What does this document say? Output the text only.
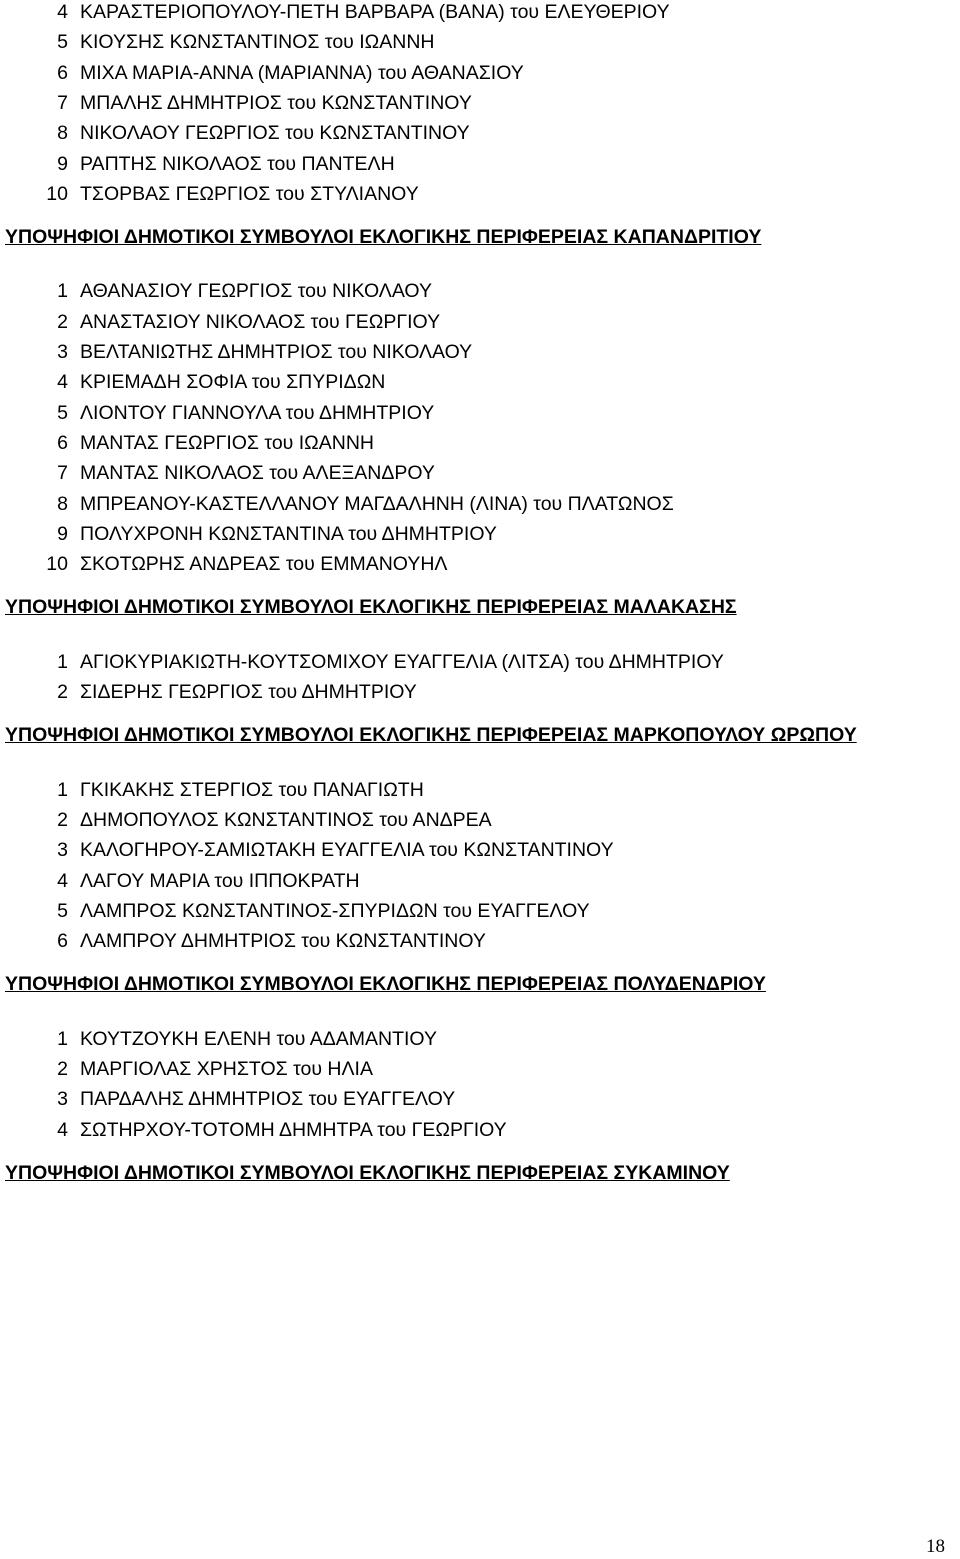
4 ΚΑΡΑΣΤΕΡΙΟΠΟΥΛΟΥ-ΠΕΤΗ ΒΑΡΒΑΡΑ (ΒΑΝΑ) του ΕΛΕΥΘΕΡΙΟΥ
5 ΚΙΟΥΣΗΣ ΚΩΝΣΤΑΝΤΙΝΟΣ του ΙΩΑΝΝΗ
6 ΜΙΧΑ ΜΑΡΙΑ-ΑΝΝΑ (ΜΑΡΙΑΝΝΑ) του ΑΘΑΝΑΣΙΟΥ
7 ΜΠΑΛΗΣ ΔΗΜΗΤΡΙΟΣ του ΚΩΝΣΤΑΝΤΙΝΟΥ
8 ΝΙΚΟΛΑΟΥ ΓΕΩΡΓΙΟΣ του ΚΩΝΣΤΑΝΤΙΝΟΥ
9 ΡΑΠΤΗΣ ΝΙΚΟΛΑΟΣ του ΠΑΝΤΕΛΗ
10 ΤΣΟΡΒΑΣ ΓΕΩΡΓΙΟΣ του ΣΤΥΛΙΑΝΟΥ
ΥΠΟΨΗΦΙΟΙ ΔΗΜΟΤΙΚΟΙ ΣΥΜΒΟΥΛΟΙ ΕΚΛΟΓΙΚΗΣ ΠΕΡΙΦΕΡΕΙΑΣ ΚΑΠΑΝΔΡΙΤΙΟΥ
1 ΑΘΑΝΑΣΙΟΥ ΓΕΩΡΓΙΟΣ του ΝΙΚΟΛΑΟΥ
2 ΑΝΑΣΤΑΣΙΟΥ ΝΙΚΟΛΑΟΣ του ΓΕΩΡΓΙΟΥ
3 ΒΕΛΤΑΝΙΩΤΗΣ ΔΗΜΗΤΡΙΟΣ του ΝΙΚΟΛΑΟΥ
4 ΚΡΙΕΜΑΔΗ ΣΟΦΙΑ του ΣΠΥΡΙΔΩΝ
5 ΛΙΟΝΤΟΥ ΓΙΑΝΝΟΥΛΑ του ΔΗΜΗΤΡΙΟΥ
6 ΜΑΝΤΑΣ ΓΕΩΡΓΙΟΣ του ΙΩΑΝΝΗ
7 ΜΑΝΤΑΣ ΝΙΚΟΛΑΟΣ του ΑΛΕΞΑΝΔΡΟΥ
8 ΜΠΡΕΑΝΟΥ-ΚΑΣΤΕΛΛΑΝΟΥ ΜΑΓΔΑΛΗΝΗ (ΛΙΝΑ) του ΠΛΑΤΩΝΟΣ
9 ΠΟΛΥΧΡΟΝΗ ΚΩΝΣΤΑΝΤΙΝΑ του ΔΗΜΗΤΡΙΟΥ
10 ΣΚΟΤΩΡΗΣ ΑΝΔΡΕΑΣ του ΕΜΜΑΝΟΥΗΛ
ΥΠΟΨΗΦΙΟΙ ΔΗΜΟΤΙΚΟΙ ΣΥΜΒΟΥΛΟΙ ΕΚΛΟΓΙΚΗΣ ΠΕΡΙΦΕΡΕΙΑΣ ΜΑΛΑΚΑΣΗΣ
1 ΑΓΙΟΚΥΡΙΑΚΙΩΤΗ-ΚΟΥΤΣΟΜΙΧΟΥ ΕΥΑΓΓΕΛΙΑ (ΛΙΤΣΑ) του ΔΗΜΗΤΡΙΟΥ
2 ΣΙΔΕΡΗΣ ΓΕΩΡΓΙΟΣ του ΔΗΜΗΤΡΙΟΥ
ΥΠΟΨΗΦΙΟΙ ΔΗΜΟΤΙΚΟΙ ΣΥΜΒΟΥΛΟΙ ΕΚΛΟΓΙΚΗΣ ΠΕΡΙΦΕΡΕΙΑΣ ΜΑΡΚΟΠΟΥΛΟΥ ΩΡΩΠΟΥ
1 ΓΚΙΚΑΚΗΣ ΣΤΕΡΓΙΟΣ του ΠΑΝΑΓΙΩΤΗ
2 ΔΗΜΟΠΟΥΛΟΣ ΚΩΝΣΤΑΝΤΙΝΟΣ του ΑΝΔΡΕΑ
3 ΚΑΛΟΓΗΡΟΥ-ΣΑΜΙΩΤΑΚΗ ΕΥΑΓΓΕΛΙΑ του ΚΩΝΣΤΑΝΤΙΝΟΥ
4 ΛΑΓΟΥ ΜΑΡΙΑ του ΙΠΠΟΚΡΑΤΗ
5 ΛΑΜΠΡΟΣ ΚΩΝΣΤΑΝΤΙΝΟΣ-ΣΠΥΡΙΔΩΝ του ΕΥΑΓΓΕΛΟΥ
6 ΛΑΜΠΡΟΥ ΔΗΜΗΤΡΙΟΣ του ΚΩΝΣΤΑΝΤΙΝΟΥ
ΥΠΟΨΗΦΙΟΙ ΔΗΜΟΤΙΚΟΙ ΣΥΜΒΟΥΛΟΙ ΕΚΛΟΓΙΚΗΣ ΠΕΡΙΦΕΡΕΙΑΣ ΠΟΛΥΔΕΝΔΡΙΟΥ
1 ΚΟΥΤΖΟΥΚΗ ΕΛΕΝΗ του ΑΔΑΜΑΝΤΙΟΥ
2 ΜΑΡΓΙΟΛΑΣ ΧΡΗΣΤΟΣ του ΗΛΙΑ
3 ΠΑΡΔΑΛΗΣ ΔΗΜΗΤΡΙΟΣ του ΕΥΑΓΓΕΛΟΥ
4 ΣΩΤΗΡΧΟΥ-ΤΟΤΟΜΗ ΔΗΜΗΤΡΑ του ΓΕΩΡΓΙΟΥ
ΥΠΟΨΗΦΙΟΙ ΔΗΜΟΤΙΚΟΙ ΣΥΜΒΟΥΛΟΙ ΕΚΛΟΓΙΚΗΣ ΠΕΡΙΦΕΡΕΙΑΣ ΣΥΚΑΜΙΝΟΥ
18
